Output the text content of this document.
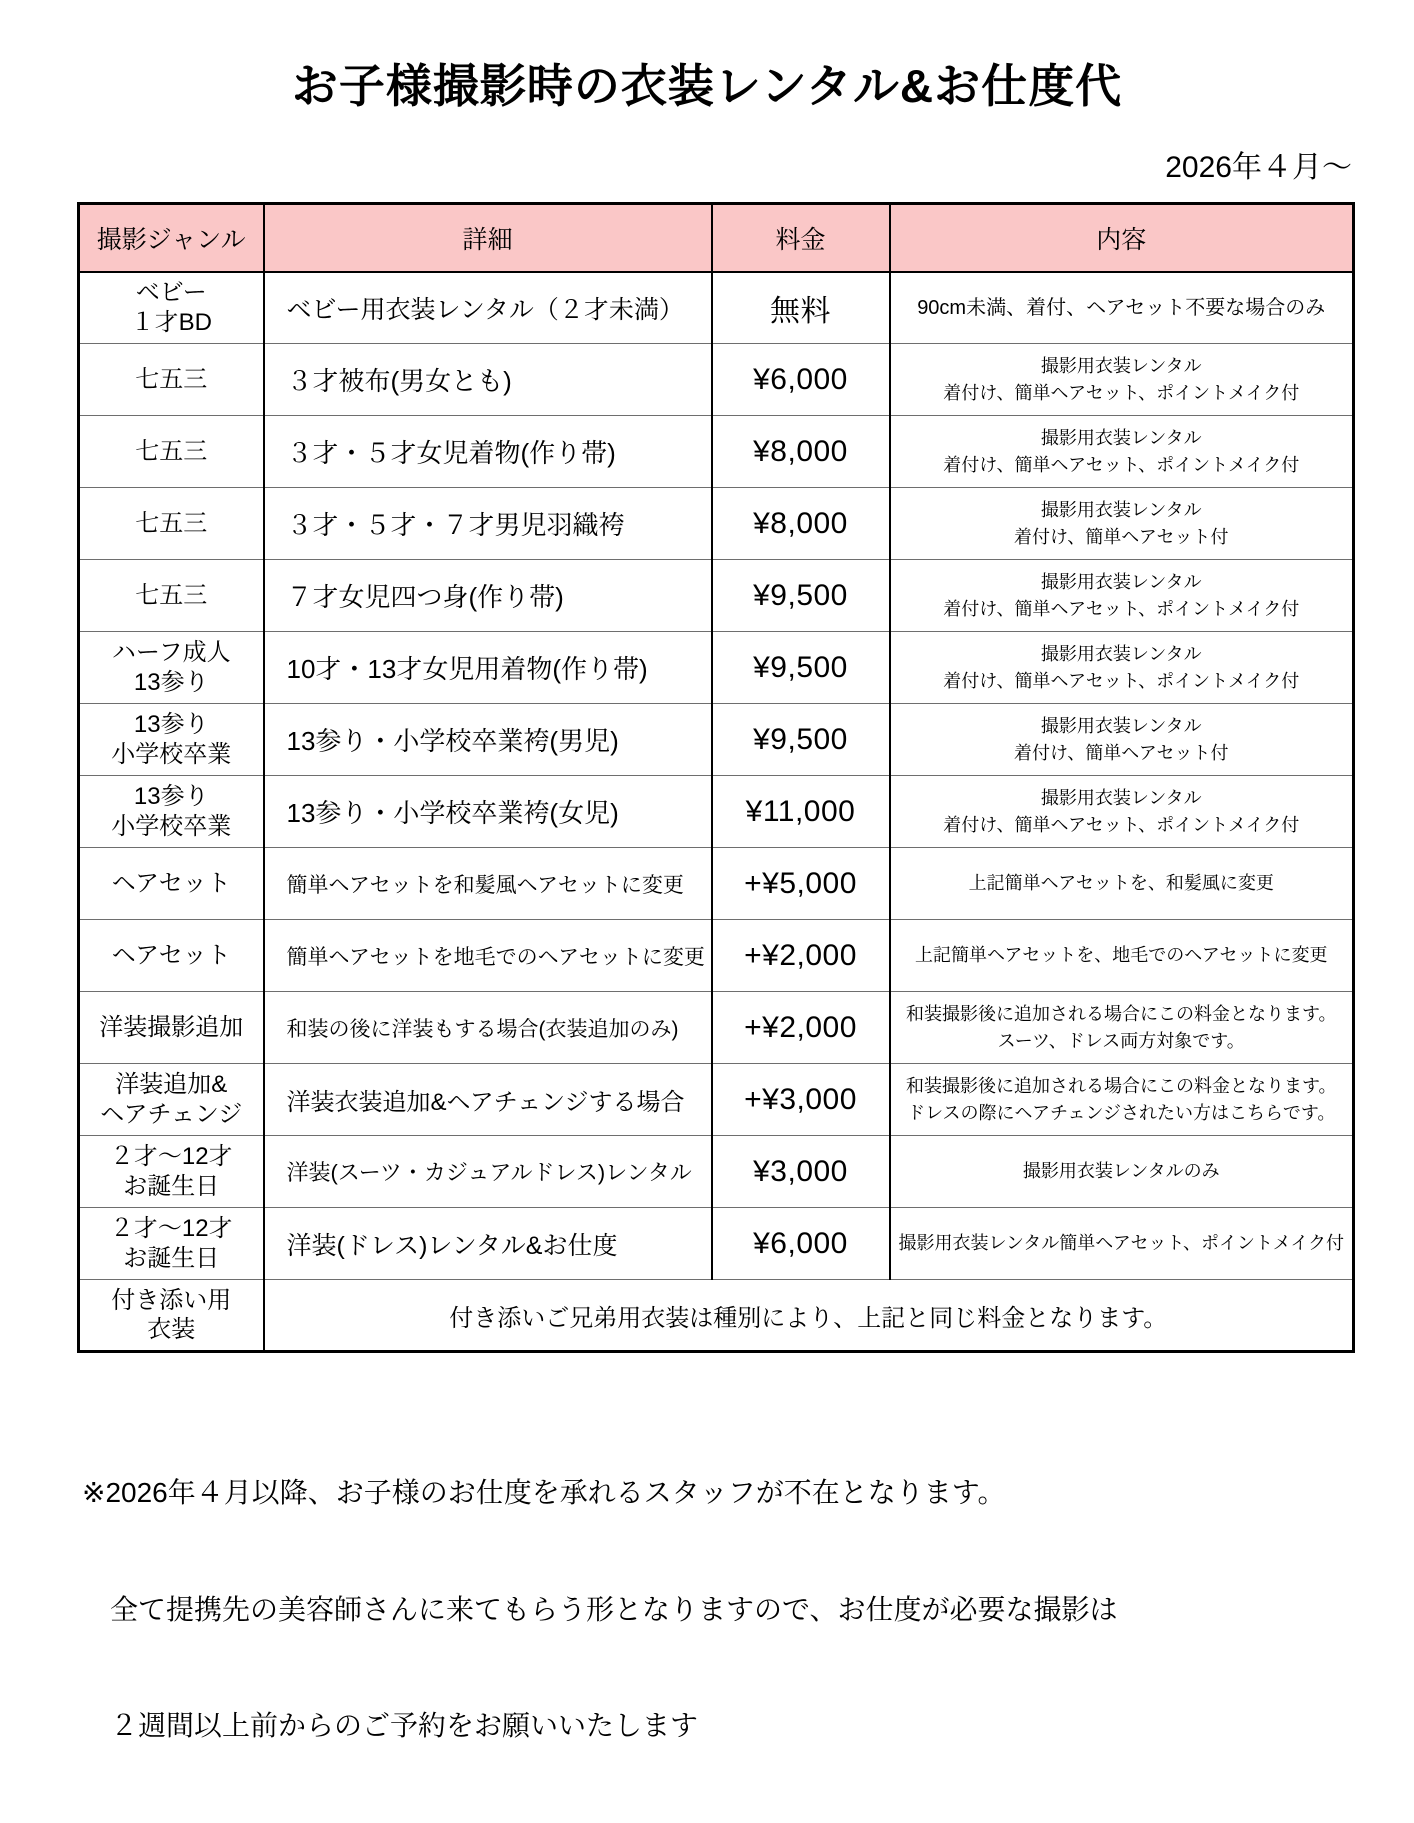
お子様撮影時の衣装レンタル&お仕度代
2026年４月〜
撮影ジャンル	詳細	料金	内容

ベビー
１才BD	ベビー用衣装レンタル（２才未満）	無料	90cm未満、着付、ヘアセット不要な場合のみ

七五三	３才被布(男女とも)	¥6,000	撮影用衣装レンタル
着付け、簡単ヘアセット、ポイントメイク付

七五三	３才・５才女児着物(作り帯)	¥8,000	撮影用衣装レンタル
着付け、簡単ヘアセット、ポイントメイク付

七五三	３才・５才・７才男児羽織袴	¥8,000	撮影用衣装レンタル
着付け、簡単ヘアセット付

七五三	７才女児四つ身(作り帯)	¥9,500	撮影用衣装レンタル
着付け、簡単ヘアセット、ポイントメイク付

ハーフ成人
13参り	10才・13才女児用着物(作り帯)	¥9,500	撮影用衣装レンタル
着付け、簡単ヘアセット、ポイントメイク付

13参り
小学校卒業	13参り・小学校卒業袴(男児)	¥9,500	撮影用衣装レンタル
着付け、簡単ヘアセット付

13参り
小学校卒業	13参り・小学校卒業袴(女児)	¥11,000	撮影用衣装レンタル
着付け、簡単ヘアセット、ポイントメイク付

ヘアセット	簡単ヘアセットを和髪風ヘアセットに変更	+¥5,000	上記簡単ヘアセットを、和髪風に変更

ヘアセット	簡単ヘアセットを地毛でのヘアセットに変更	+¥2,000	上記簡単ヘアセットを、地毛でのヘアセットに変更

洋装撮影追加	和装の後に洋装もする場合(衣装追加のみ)	+¥2,000	和装撮影後に追加される場合にこの料金となります。
スーツ、ドレス両方対象です。

洋装追加&
ヘアチェンジ	洋装衣装追加&ヘアチェンジする場合	+¥3,000	和装撮影後に追加される場合にこの料金となります。
ドレスの際にヘアチェンジされたい方はこちらです。

２才〜12才
お誕生日	洋装(スーツ・カジュアルドレス)レンタル	¥3,000	撮影用衣装レンタルのみ

２才〜12才
お誕生日	洋装(ドレス)レンタル&お仕度	¥6,000	撮影用衣装レンタル簡単ヘアセット、ポイントメイク付

付き添い用
衣装	付き添いご兄弟用衣装は種別により、上記と同じ料金となります。		

※2026年４月以降、お子様のお仕度を承れるスタッフが不在となります。

　全て提携先の美容師さんに来てもらう形となりますので、お仕度が必要な撮影は

　２週間以上前からのご予約をお願いいたします
